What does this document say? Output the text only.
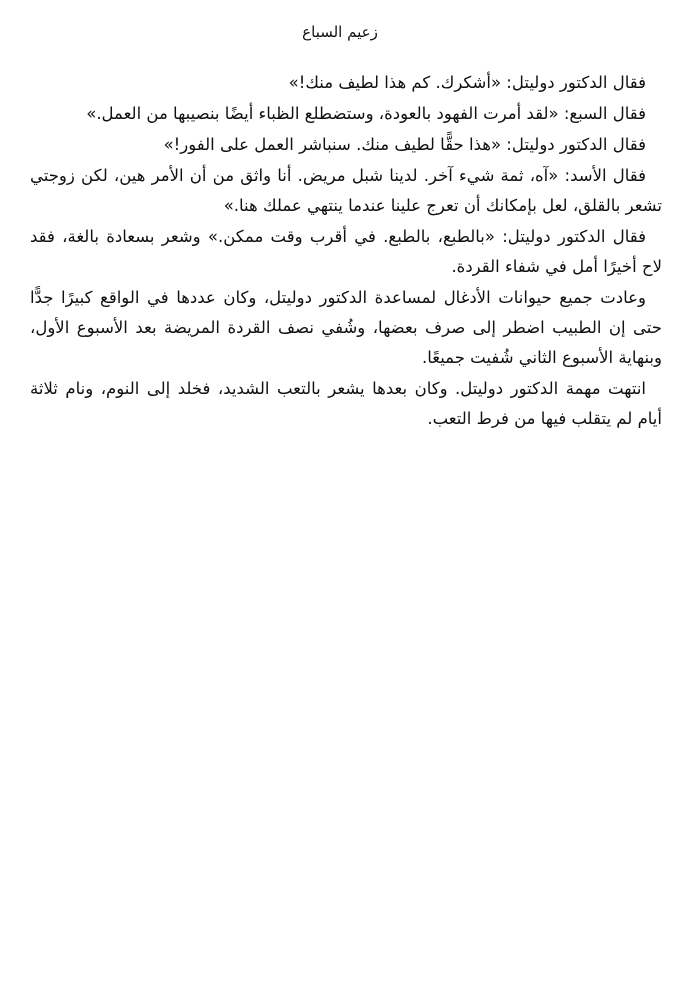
زعيم السباع

فقال الدكتور دوليتل: «أشكرك. كم هذا لطيف منك!»

فقال السبع: «لقد أمرت الفهود بالعودة، وستضطلع الظباء أيضًا بنصيبها من العمل.»

فقال الدكتور دوليتل: «هذا حقًّا لطيف منك. سنباشر العمل على الفور!»

فقال الأسد: «آه، ثمة شيء آخر. لدينا شبل مريض. أنا واثق من أن الأمر هين، لكن زوجتي تشعر بالقلق، لعل بإمكانك أن تعرج علينا عندما ينتهي عملك هنا.»

فقال الدكتور دوليتل: «بالطبع، بالطبع. في أقرب وقت ممكن.» وشعر بسعادة بالغة، فقد لاح أخيرًا أمل في شفاء القردة.

وعادت جميع حيوانات الأدغال لمساعدة الدكتور دوليتل، وكان عددها في الواقع كبيرًا جدًّا حتى إن الطبيب اضطر إلى صرف بعضها، وشُفي نصف القردة المريضة بعد الأسبوع الأول، وبنهاية الأسبوع الثاني شُفيت جميعًا.

انتهت مهمة الدكتور دوليتل. وكان بعدها يشعر بالتعب الشديد، فخلد إلى النوم، ونام ثلاثة أيام لم يتقلب فيها من فرط التعب.
